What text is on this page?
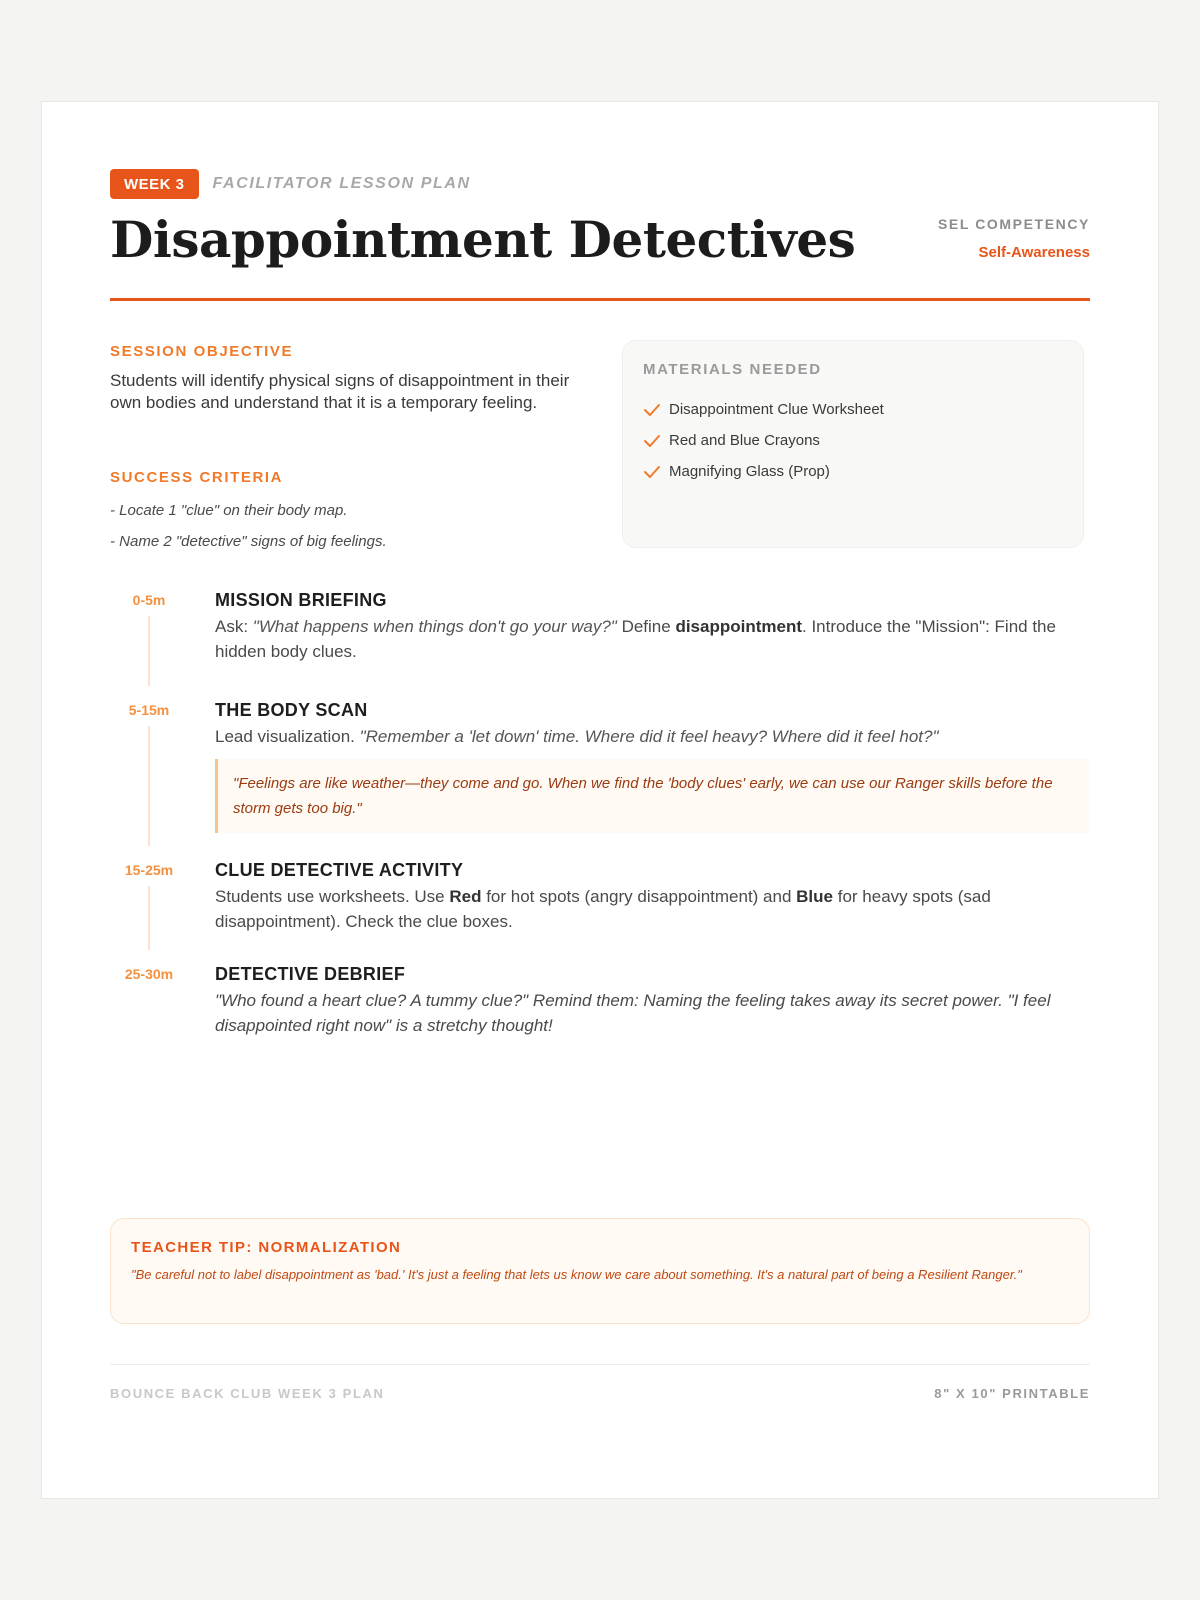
WEEK 3	FACILITATOR LESSON PLAN
Disappointment Detectives	SEL COMPETENCY
Self-Awareness
SESSION OBJECTIVE

Students will identify physical signs of disappointment in their own bodies and understand that it is a temporary feeling.

SUCCESS CRITERIA
- Locate 1 "clue" on their body map.
- Name 2 "detective" signs of big feelings.
MATERIALS NEEDED
Disappointment Clue Worksheet
Red and Blue Crayons
Magnifying Glass (Prop)
0-5m	MISSION BRIEFING

Ask: "What happens when things don't go your way?" Define disappointment. Introduce the "Mission": Find the hidden body clues.

5-15m	THE BODY SCAN

Lead visualization. "Remember a 'let down' time. Where did it feel heavy? Where did it feel hot?"

"Feelings are like weather—they come and go. When we find the 'body clues' early, we can use our Ranger skills before the storm gets too big."
15-25m	CLUE DETECTIVE ACTIVITY

Students use worksheets. Use Red for hot spots (angry disappointment) and Blue for heavy spots (sad disappointment). Check the clue boxes.

25-30m	DETECTIVE DEBRIEF

"Who found a heart clue? A tummy clue?" Remind them: Naming the feeling takes away its secret power. "I feel disappointed right now" is a stretchy thought!

TEACHER TIP: NORMALIZATION
"Be careful not to label disappointment as 'bad.' It's just a feeling that lets us know we care about something. It's a natural part of being a Resilient Ranger."
BOUNCE BACK CLUB WEEK 3 PLAN	8" X 10" PRINTABLE
